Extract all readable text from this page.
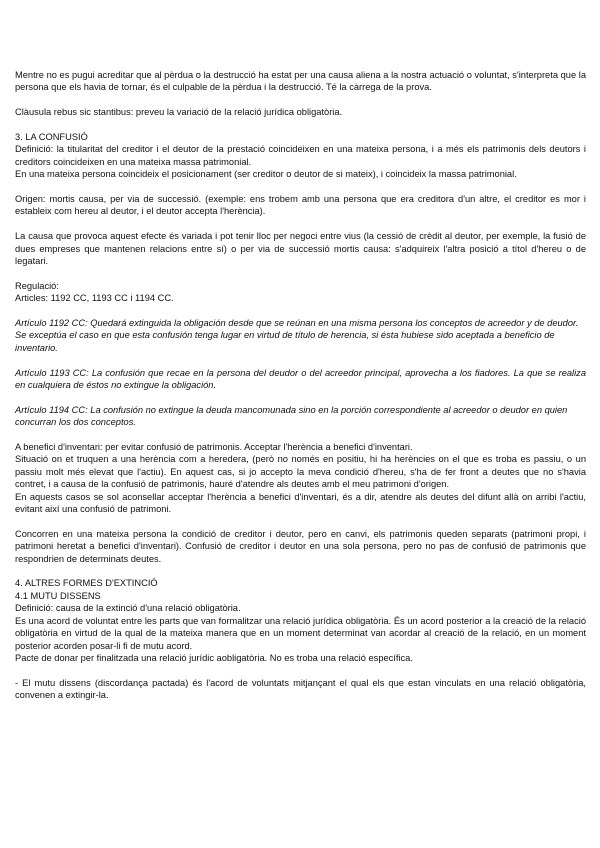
Mentre no es pugui acreditar que al pèrdua o la destrucció ha estat per una causa aliena a la nostra actuació o voluntat, s'interpreta que la persona que els havia de tornar, és el culpable de la pèrdua i la destrucció. Té la càrrega de la prova.

Clàusula rebus sic stantibus: preveu la variació de la relació jurídica obligatòria.

3. LA CONFUSIÓ

Definició: la titularitat del creditor i el deutor de la prestació coincideixen en una mateixa persona, i a més els patrimonis dels deutors i creditors coincideixen en una mateixa massa patrimonial.

En una mateixa persona coincideix el posicionament (ser creditor o deutor de si mateix), i coincideix la massa patrimonial.

Origen: mortis causa, per via de successió. (exemple: ens trobem amb una persona que era creditora d'un altre, el creditor es mor i estableix com hereu al deutor, i el deutor accepta l'herència).

La causa que provoca aquest efecte és variada i pot tenir lloc per negoci entre vius (la cessió de crèdit al deutor, per exemple, la fusió de dues empreses que mantenen relacions entre sí) o per via de successió mortis causa: s'adquireix l'altra posició a títol d'hereu o de legatari.

Regulació:

Articles: 1192 CC, 1193 CC i 1194 CC.

Artículo 1192 CC: Quedará extinguida la obligación desde que se reúnan en una misma persona los conceptos de acreedor y de deudor. Se exceptúa el caso en que esta confusión tenga lugar en virtud de título de herencia, si ésta hubiese sido aceptada a beneficio de inventario.

Artículo 1193 CC: La confusión que recae en la persona del deudor o del acreedor principal, aprovecha a los fiadores. La que se realiza en cualquiera de éstos no extingue la obligación.

Artículo 1194 CC: La confusión no extingue la deuda mancomunada sino en la porción correspondiente al acreedor o deudor en quien concurran los dos conceptos.

A benefici d'inventari: per evitar confusió de patrimonis. Acceptar l'herència a benefici d'inventari.

Situació on et truquen a una herència com a heredera, (però no només en positiu, hi ha herències on el que es troba es passiu, o un passiu molt més elevat que l'actiu). En aquest cas, si jo accepto la meva condició d'hereu, s'ha de fer front a deutes que no s'havia contret, i a causa de la confusió de patrimonis, hauré d'atendre als deutes amb el meu patrimoni d'origen.

En aquests casos se sol aconsellar acceptar l'herència a benefici d'inventari, és a dir, atendre als deutes del difunt allà on arribi l'actiu, evitant així una confusió de patrimoni.

Concorren en una mateixa persona la condició de creditor i deutor, pero en canvi, els patrimonis queden separats (patrimoni propi, i patrimoni heretat a benefici d'inventari). Confusió de creditor i deutor en una sola persona, pero no pas de confusió de patrimonis que respondrien de determinats deutes.

4. ALTRES FORMES D'EXTINCIÓ

4.1 MUTU DISSENS

Definició: causa de la extinció d'una relació obligatòria.

Es una acord de voluntat entre les parts que van formalitzar una relació jurídica obligatòria. És un acord posterior a la creació de la relació obligatòria en virtud de la qual de la mateixa manera que en un moment determinat van acordar al creació de la relació, en un moment posterior acorden posar-li fi de mutu acord.

Pacte de donar per finalitzada una relació jurídic aobligatòria. No es troba una relació específica.

- El mutu dissens (discordança pactada) és l'acord de voluntats mitjançant el qual els que estan vinculats en una relació obligatòria, convenen a extingir-la.
